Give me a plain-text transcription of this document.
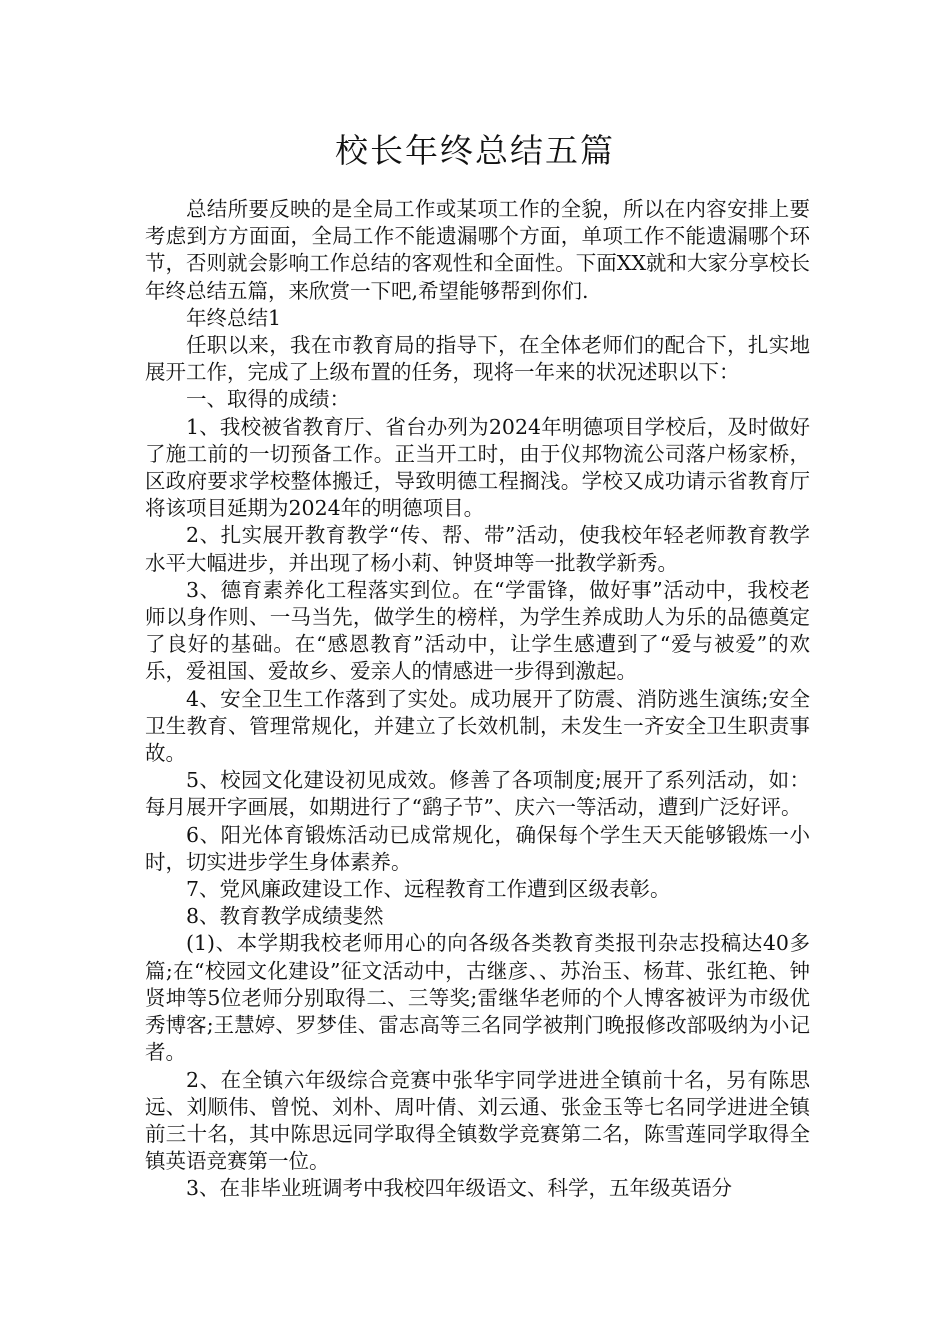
校长年终总结五篇

总结所要反映的是全局工作或某项工作的全貌，所以在内容安排上要考虑到方方面面，全局工作不能遗漏哪个方面，单项工作不能遗漏哪个环节，否则就会影响工作总结的客观性和全面性。下面XX就和大家分享校长年终总结五篇，来欣赏一下吧,希望能够帮到你们.

年终总结1

任职以来，我在市教育局的指导下，在全体老师们的配合下，扎实地展开工作，完成了上级布置的任务，现将一年来的状况述职以下：

一、取得的成绩：

1、我校被省教育厅、省台办列为2024年明德项目学校后，及时做好了施工前的一切预备工作。正当开工时，由于仪邦物流公司落户杨家桥，区政府要求学校整体搬迁，导致明德工程搁浅。学校又成功请示省教育厅将该项目延期为2024年的明德项目。

2、扎实展开教育教学“传、帮、带”活动，使我校年轻老师教育教学水平大幅进步，并出现了杨小莉、钟贤坤等一批教学新秀。

3、德育素养化工程落实到位。在“学雷锋，做好事”活动中，我校老师以身作则、一马当先，做学生的榜样，为学生养成助人为乐的品德奠定了良好的基础。在“感恩教育”活动中，让学生感遭到了“爱与被爱”的欢乐，爱祖国、爱故乡、爱亲人的情感进一步得到激起。

4、安全卫生工作落到了实处。成功展开了防震、消防逃生演练;安全卫生教育、管理常规化，并建立了长效机制，未发生一齐安全卫生职责事故。

5、校园文化建设初见成效。修善了各项制度;展开了系列活动，如：每月展开字画展，如期进行了“鹞子节”、庆六一等活动，遭到广泛好评。

6、阳光体育锻炼活动已成常规化，确保每个学生天天能够锻炼一小时，切实进步学生身体素养。

7、党风廉政建设工作、远程教育工作遭到区级表彰。

8、教育教学成绩斐然

(1)、本学期我校老师用心的向各级各类教育类报刊杂志投稿达40多篇;在“校园文化建设”征文活动中，古继彦、、苏治玉、杨茸、张红艳、钟贤坤等5位老师分别取得二、三等奖;雷继华老师的个人博客被评为市级优秀博客;王慧婷、罗梦佳、雷志高等三名同学被荆门晚报修改部吸纳为小记者。

2、在全镇六年级综合竞赛中张华宇同学进进全镇前十名，另有陈思远、刘顺伟、曾悦、刘朴、周叶倩、刘云通、张金玉等七名同学进进全镇前三十名，其中陈思远同学取得全镇数学竞赛第二名，陈雪莲同学取得全镇英语竞赛第一位。

3、在非毕业班调考中我校四年级语文、科学，五年级英语分
